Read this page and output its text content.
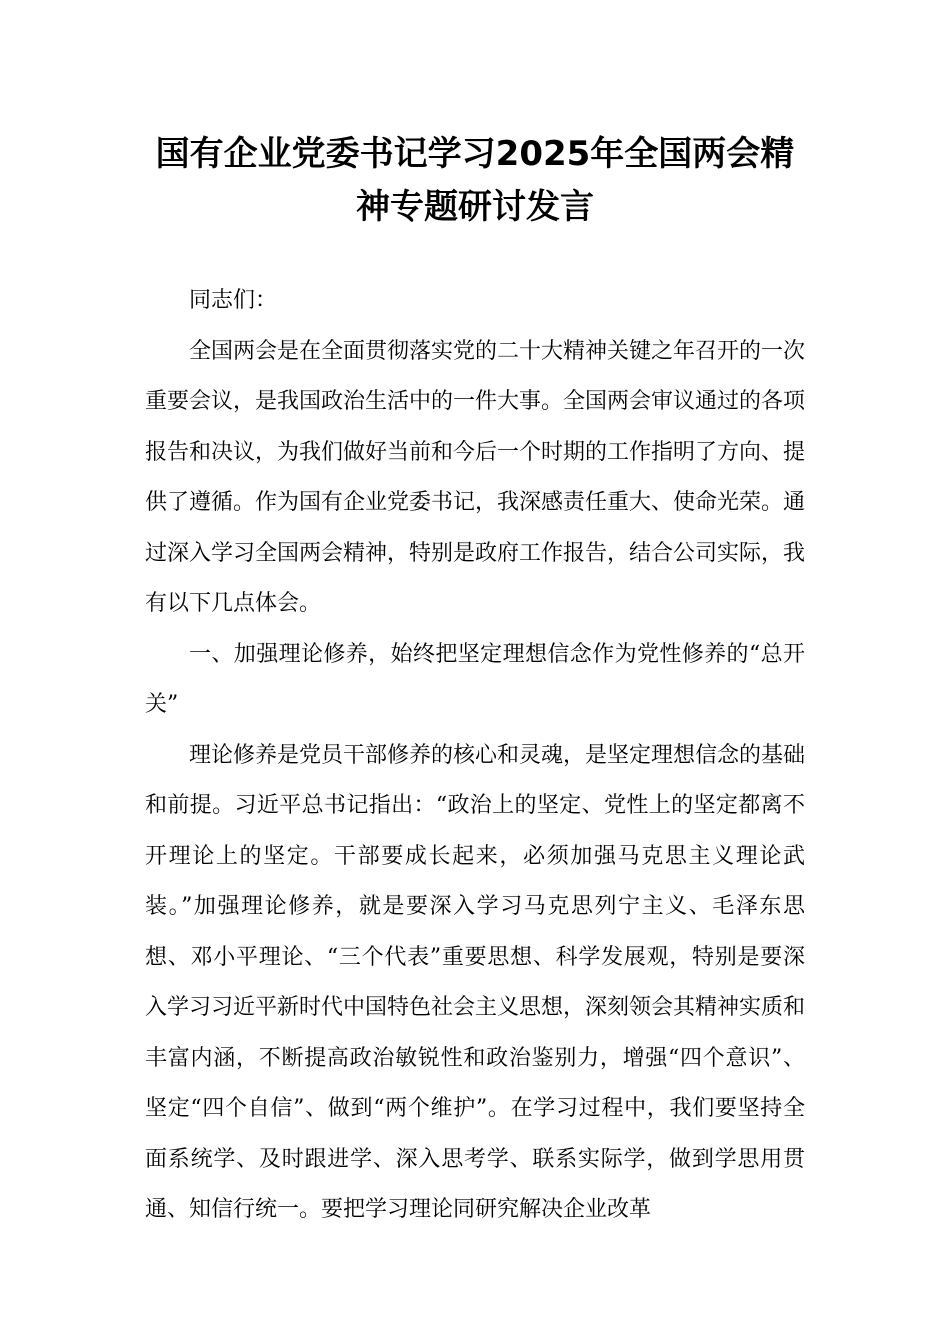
国有企业党委书记学习2025年全国两会精神专题研讨发言

同志们：

全国两会是在全面贯彻落实党的二十大精神关键之年召开的一次重要会议，是我国政治生活中的一件大事。全国两会审议通过的各项报告和决议，为我们做好当前和今后一个时期的工作指明了方向、提供了遵循。作为国有企业党委书记，我深感责任重大、使命光荣。通过深入学习全国两会精神，特别是政府工作报告，结合公司实际，我有以下几点体会。

一、加强理论修养，始终把坚定理想信念作为党性修养的“总开关”

理论修养是党员干部修养的核心和灵魂，是坚定理想信念的基础和前提。习近平总书记指出：“政治上的坚定、党性上的坚定都离不开理论上的坚定。干部要成长起来，必须加强马克思主义理论武装。”加强理论修养，就是要深入学习马克思列宁主义、毛泽东思想、邓小平理论、“三个代表”重要思想、科学发展观，特别是要深入学习习近平新时代中国特色社会主义思想，深刻领会其精神实质和丰富内涵，不断提高政治敏锐性和政治鉴别力，增强“四个意识”、坚定“四个自信”、做到“两个维护”。在学习过程中，我们要坚持全面系统学、及时跟进学、深入思考学、联系实际学，做到学思用贯通、知信行统一。要把学习理论同研究解决企业改革
